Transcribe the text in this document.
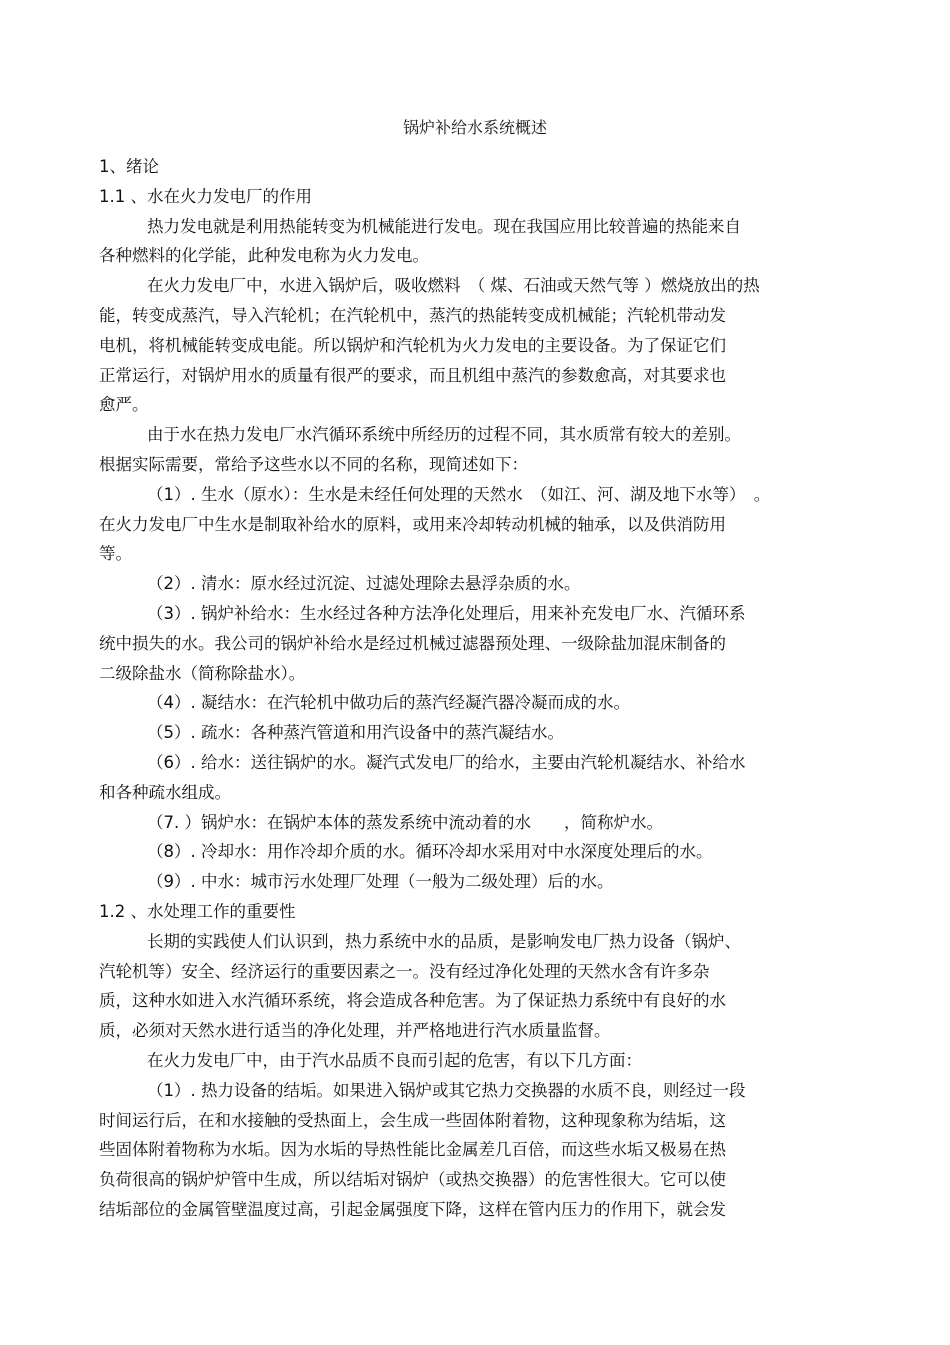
锅炉补给水系统概述
1、绪论
1.1 、水在火力发电厂的作用
热力发电就是利用热能转变为机械能进行发电。现在我国应用比较普遍的热能来自
各种燃料的化学能，此种发电称为火力发电。
在火力发电厂中，水进入锅炉后，吸收燃料　（ 煤、石油或天然气等 ）燃烧放出的热
能，转变成蒸汽，导入汽轮机；在汽轮机中，蒸汽的热能转变成机械能；汽轮机带动发
电机，将机械能转变成电能。所以锅炉和汽轮机为火力发电的主要设备。为了保证它们
正常运行，对锅炉用水的质量有很严的要求，而且机组中蒸汽的参数愈高，对其要求也
愈严。
由于水在热力发电厂水汽循环系统中所经历的过程不同，其水质常有较大的差别。
根据实际需要，常给予这些水以不同的名称，现简述如下：
（1）. 生水（原水）：生水是未经任何处理的天然水　（如江、河、湖及地下水等）　。
在火力发电厂中生水是制取补给水的原料，或用来冷却转动机械的轴承，以及供消防用
等。
（2）. 清水：原水经过沉淀、过滤处理除去悬浮杂质的水。
（3）. 锅炉补给水：生水经过各种方法净化处理后，用来补充发电厂水、汽循环系
统中损失的水。我公司的锅炉补给水是经过机械过滤器预处理、一级除盐加混床制备的
二级除盐水（简称除盐水）。
（4）. 凝结水：在汽轮机中做功后的蒸汽经凝汽器冷凝而成的水。
（5）. 疏水：各种蒸汽管道和用汽设备中的蒸汽凝结水。
（6）. 给水：送往锅炉的水。凝汽式发电厂的给水，主要由汽轮机凝结水、补给水
和各种疏水组成。
（7. ）锅炉水：在锅炉本体的蒸发系统中流动着的水　　，简称炉水。
（8）. 冷却水：用作冷却介质的水。循环冷却水采用对中水深度处理后的水。
（9）. 中水：城市污水处理厂处理（一般为二级处理）后的水。
1.2 、水处理工作的重要性
长期的实践使人们认识到，热力系统中水的品质，是影响发电厂热力设备（锅炉、
汽轮机等）安全、经济运行的重要因素之一。没有经过净化处理的天然水含有许多杂
质，这种水如进入水汽循环系统，将会造成各种危害。为了保证热力系统中有良好的水
质，必须对天然水进行适当的净化处理，并严格地进行汽水质量监督。
在火力发电厂中，由于汽水品质不良而引起的危害，有以下几方面：
（1）. 热力设备的结垢。如果进入锅炉或其它热力交换器的水质不良，则经过一段
时间运行后，在和水接触的受热面上，会生成一些固体附着物，这种现象称为结垢，这
些固体附着物称为水垢。因为水垢的导热性能比金属差几百倍，而这些水垢又极易在热
负荷很高的锅炉炉管中生成，所以结垢对锅炉（或热交换器）的危害性很大。它可以使
结垢部位的金属管壁温度过高，引起金属强度下降，这样在管内压力的作用下，就会发
